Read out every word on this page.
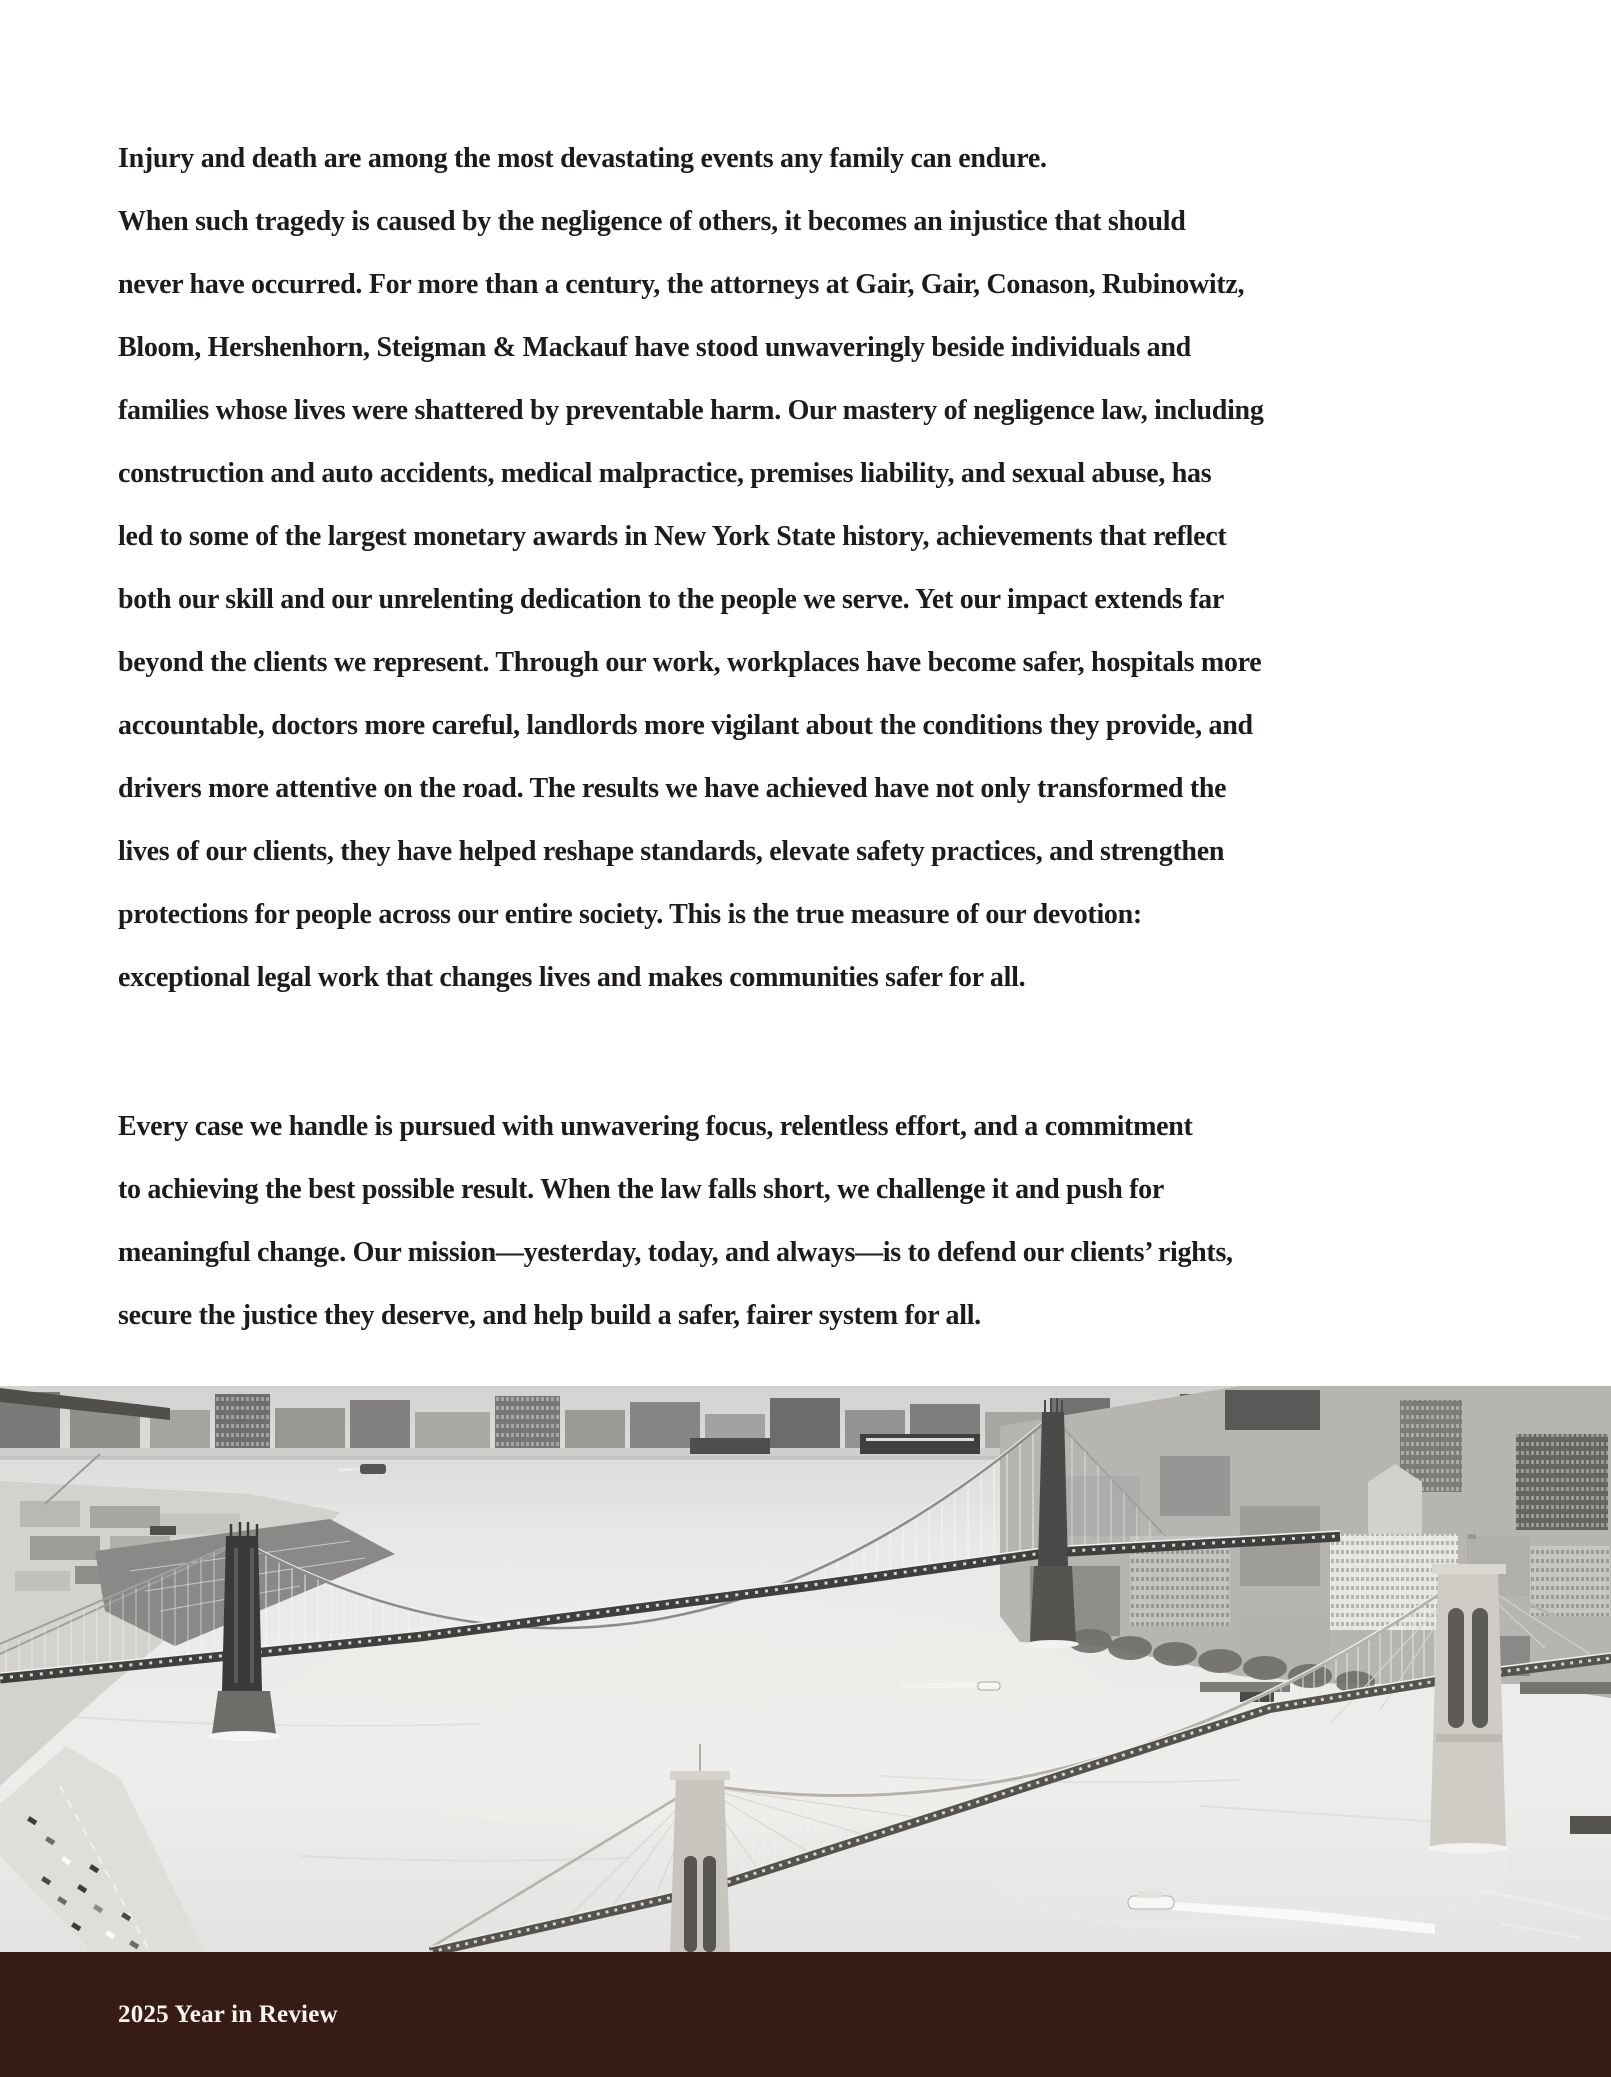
Injury and death are among the most devastating events any family can endure.
When such tragedy is caused by the negligence of others, it becomes an injustice that should
never have occurred. For more than a century, the attorneys at Gair, Gair, Conason, Rubinowitz,
Bloom, Hershenhorn, Steigman & Mackauf have stood unwaveringly beside individuals and
families whose lives were shattered by preventable harm. Our mastery of negligence law, including
construction and auto accidents, medical malpractice, premises liability, and sexual abuse, has
led to some of the largest monetary awards in New York State history, achievements that reflect
both our skill and our unrelenting dedication to the people we serve. Yet our impact extends far
beyond the clients we represent. Through our work, workplaces have become safer, hospitals more
accountable, doctors more careful, landlords more vigilant about the conditions they provide, and
drivers more attentive on the road. The results we have achieved have not only transformed the
lives of our clients, they have helped reshape standards, elevate safety practices, and strengthen
protections for people across our entire society. This is the true measure of our devotion:
exceptional legal work that changes lives and makes communities safer for all.
Every case we handle is pursued with unwavering focus, relentless effort, and a commitment
to achieving the best possible result. When the law falls short, we challenge it and push for
meaningful change. Our mission—yesterday, today, and always—is to defend our clients’ rights,
secure the justice they deserve, and help build a safer, fairer system for all.
2025 Year in Review
